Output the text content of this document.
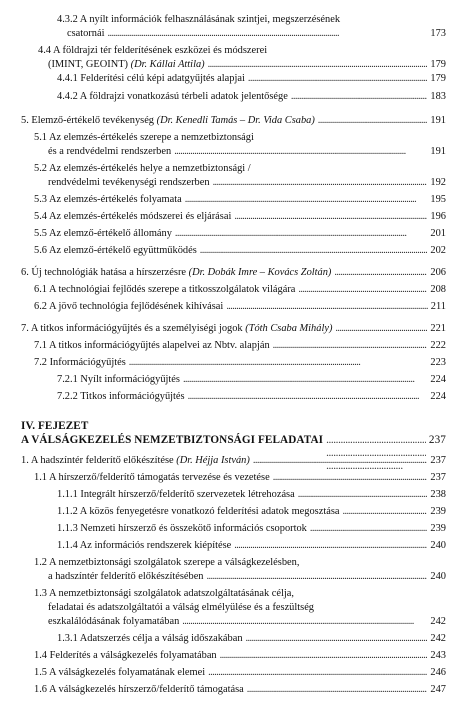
4.3.2 A nyílt információk felhasználásának szintjei, megszerzésének
csatornái . . .	173
4.4 A földrajzi tér felderítésének eszközei és módszerei
(IMINT, GEOINT) (Dr. Kállai Attila) . . .	179
4.4.1 Felderítési célú képi adatgyűjtés alapjai . . .	179
4.4.2 A földrajzi vonatkozású térbeli adatok jelentősége . . .	183
5. Elemző-értékelő tevékenység (Dr. Kenedli Tamás – Dr. Vida Csaba) . . .	191
5.1 Az elemzés-értékelés szerepe a nemzetbiztonsági
és a rendvédelmi rendszerben . . .	191
5.2 Az elemzés-értékelés helye a nemzetbiztonsági /
rendvédelmi tevékenységi rendszerben . . .	192
5.3 Az elemzés-értékelés folyamata . . .	195
5.4 Az elemzés-értékelés módszerei és eljárásai . . .	196
5.5 Az elemző-értékelő állomány . . .	201
5.6 Az elemző-értékelő együttműködés . . .	202
6. Új technológiák hatása a hírszerzésre (Dr. Dobák Imre – Kovács Zoltán) . . .	206
6.1 A technológiai fejlődés szerepe a titkosszolgálatok világára . . .	208
6.2 A jövő technológia fejlődésének kihívásai . . .	211
7. A titkos információgyűjtés és a személyiségi jogok (Tóth Csaba Mihály) . . .	221
7.1 A titkos információgyűjtés alapelvei az Nbtv. alapján . . .	222
7.2 Információgyűjtés . . .	223
7.2.1 Nyílt információgyűjtés . . .	224
7.2.2 Titkos információgyűjtés . . .	224
IV. FEJEZET
A VÁLSÁGKEZELÉS NEMZETBIZTONSÁGI FELADATAI . . .	237
1. A hadszíntér felderítő előkészítése (Dr. Héjja István) . . .	237
1.1 A hírszerző/felderítő támogatás tervezése és vezetése . . .	237
1.1.1 Integrált hírszerző/felderítő szervezetek létrehozása . . .	238
1.1.2 A közös fenyegetésre vonatkozó felderítési adatok megosztása . . .	239
1.1.3 Nemzeti hírszerző és összekötő információs csoportok . . .	239
1.1.4 Az információs rendszerek kiépítése . . .	240
1.2 A nemzetbiztonsági szolgálatok szerepe a válságkezelésben,
a hadszíntér felderítő előkészítésében . . .	240
1.3 A nemzetbiztonsági szolgálatok adatszolgáltatásának célja,
feladatai és adatszolgáltatói a válság elmélyülése és a feszültség
eszkalálódásának folyamatában . . .	242
1.3.1 Adatszerzés célja a válság időszakában . . .	242
1.4 Felderítés a válságkezelés folyamatában . . .	243
1.5 A válságkezelés folyamatának elemei . . .	246
1.6 A válságkezelés hírszerző/felderítő támogatása . . .	247
